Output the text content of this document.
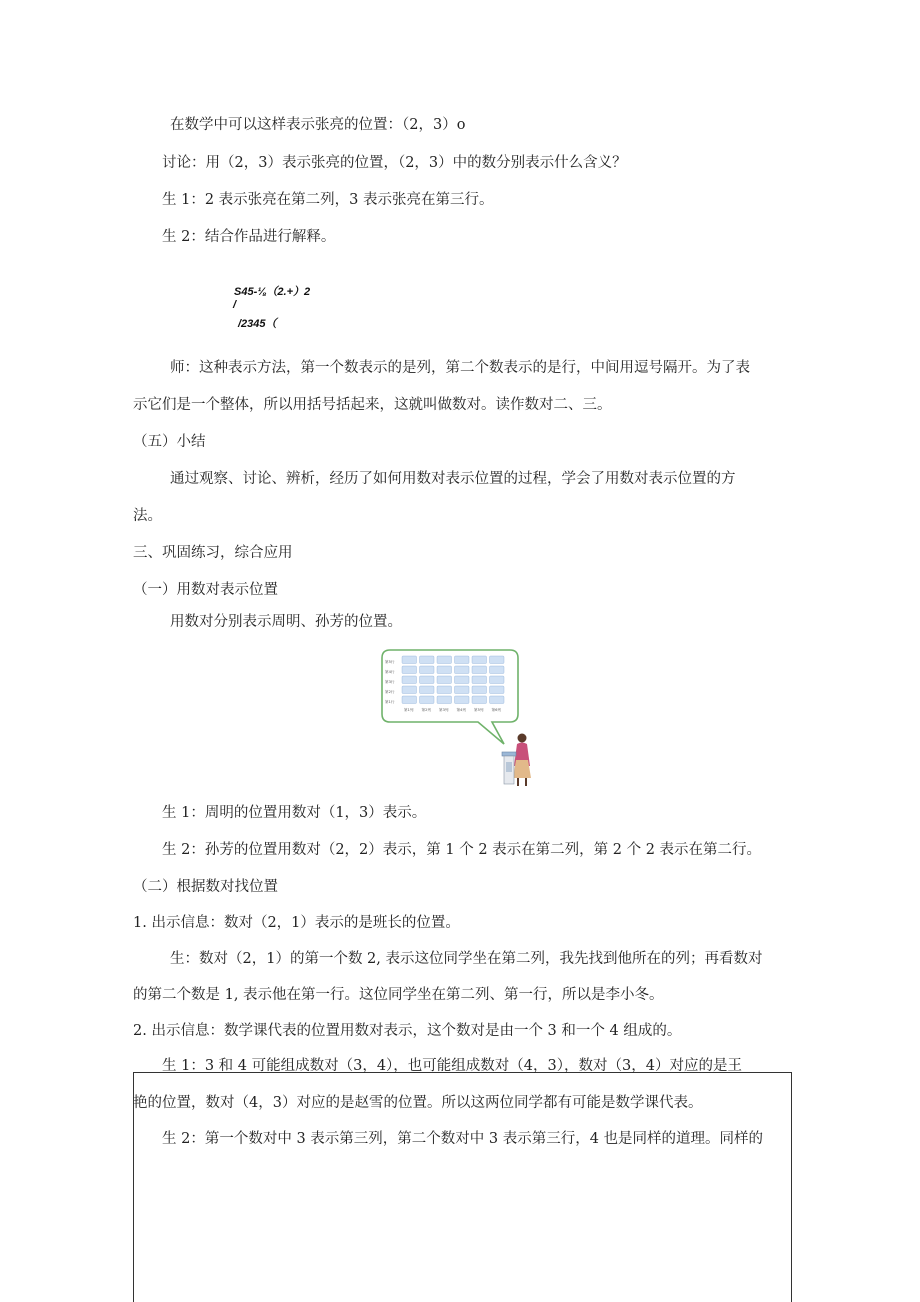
在数学中可以这样表示张亮的位置：（2，3）o
讨论：用（2，3）表示张亮的位置，（2，3）中的数分别表示什么含义？
生 1：2 表示张亮在第二列，3 表示张亮在第三行。
生 2：结合作品进行解释。
S45-⅛（2.+）2
/
/2345（
师：这种表示方法，第一个数表示的是列，第二个数表示的是行，中间用逗号隔开。为了表
示它们是一个整体，所以用括号括起来，这就叫做数对。读作数对二、三。
（五）小结
通过观察、讨论、辨析，经历了如何用数对表示位置的过程，学会了用数对表示位置的方
法。
三、巩固练习，综合应用
（一）用数对表示位置
用数对分别表示周明、孙芳的位置。
第5行
第4行
第3行
第2行
第1行
第1列 第2列 第3列 第4列 第5列 第6列
生 1：周明的位置用数对（1，3）表示。
生 2：孙芳的位置用数对（2，2）表示，第 1 个 2 表示在第二列，第 2 个 2 表示在第二行。
（二）根据数对找位置
1. 出示信息：数对（2，1）表示的是班长的位置。
生：数对（2，1）的第一个数 2, 表示这位同学坐在第二列，我先找到他所在的列；再看数对
的第二个数是 1, 表示他在第一行。这位同学坐在第二列、第一行，所以是李小冬。
2. 出示信息：数学课代表的位置用数对表示，这个数对是由一个 3 和一个 4 组成的。
生 1：3 和 4 可能组成数对（3，4），也可能组成数对（4，3），数对（3，4）对应的是王
艳的位置，数对（4，3）对应的是赵雪的位置。所以这两位同学都有可能是数学课代表。
生 2：第一个数对中 3 表示第三列，第二个数对中 3 表示第三行，4 也是同样的道理。同样的
